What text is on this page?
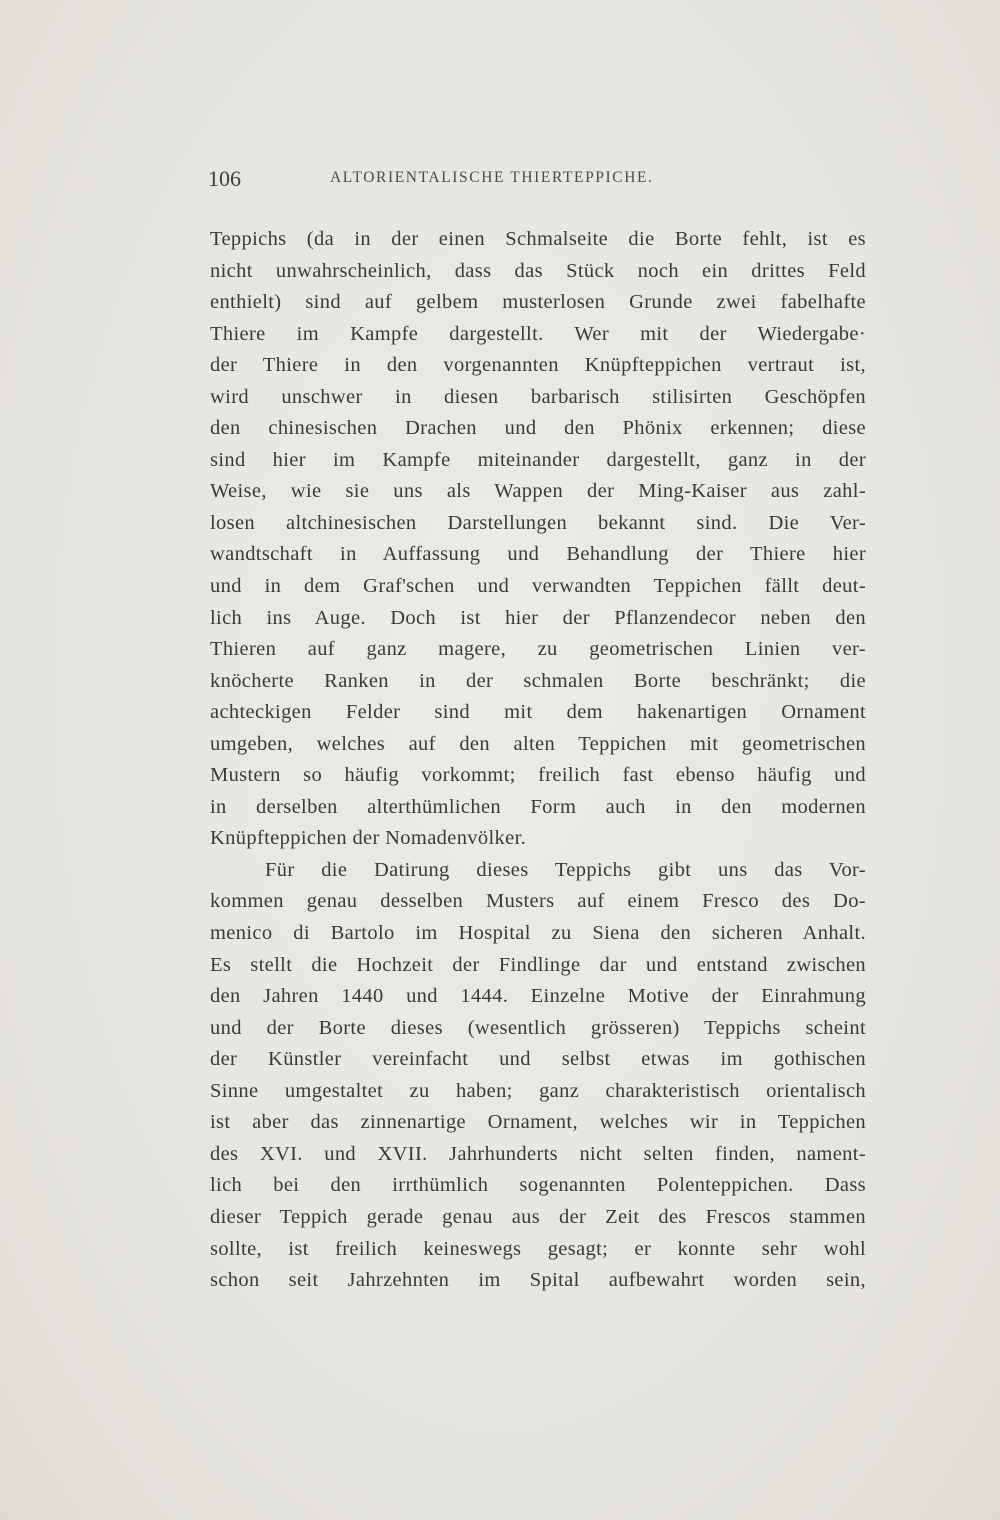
106	ALTORIENTALISCHE THIERTEPPICHE.
Teppichs (da in der einen Schmalseite die Borte fehlt, ist es
nicht unwahrscheinlich, dass das Stück noch ein drittes Feld
enthielt) sind auf gelbem musterlosen Grunde zwei fabelhafte
Thiere im Kampfe dargestellt. Wer mit der Wiedergabe·
der Thiere in den vorgenannten Knüpfteppichen vertraut ist,
wird unschwer in diesen barbarisch stilisirten Geschöpfen
den chinesischen Drachen und den Phönix erkennen; diese
sind hier im Kampfe miteinander dargestellt, ganz in der
Weise, wie sie uns als Wappen der Ming-Kaiser aus zahl-
losen altchinesischen Darstellungen bekannt sind. Die Ver-
wandtschaft in Auffassung und Behandlung der Thiere hier
und in dem Graf'schen und verwandten Teppichen fällt deut-
lich ins Auge. Doch ist hier der Pflanzendecor neben den
Thieren auf ganz magere, zu geometrischen Linien ver-
knöcherte Ranken in der schmalen Borte beschränkt; die
achteckigen Felder sind mit dem hakenartigen Ornament
umgeben, welches auf den alten Teppichen mit geometrischen
Mustern so häufig vorkommt; freilich fast ebenso häufig und
in derselben alterthümlichen Form auch in den modernen
Knüpfteppichen der Nomadenvölker.
Für die Datirung dieses Teppichs gibt uns das Vor-
kommen genau desselben Musters auf einem Fresco des Do-
menico di Bartolo im Hospital zu Siena den sicheren Anhalt.
Es stellt die Hochzeit der Findlinge dar und entstand zwischen
den Jahren 1440 und 1444. Einzelne Motive der Einrahmung
und der Borte dieses (wesentlich grösseren) Teppichs scheint
der Künstler vereinfacht und selbst etwas im gothischen
Sinne umgestaltet zu haben; ganz charakteristisch orientalisch
ist aber das zinnenartige Ornament, welches wir in Teppichen
des XVI. und XVII. Jahrhunderts nicht selten finden, nament-
lich bei den irrthümlich sogenannten Polenteppichen. Dass
dieser Teppich gerade genau aus der Zeit des Frescos stammen
sollte, ist freilich keineswegs gesagt; er konnte sehr wohl
schon seit Jahrzehnten im Spital aufbewahrt worden sein,
